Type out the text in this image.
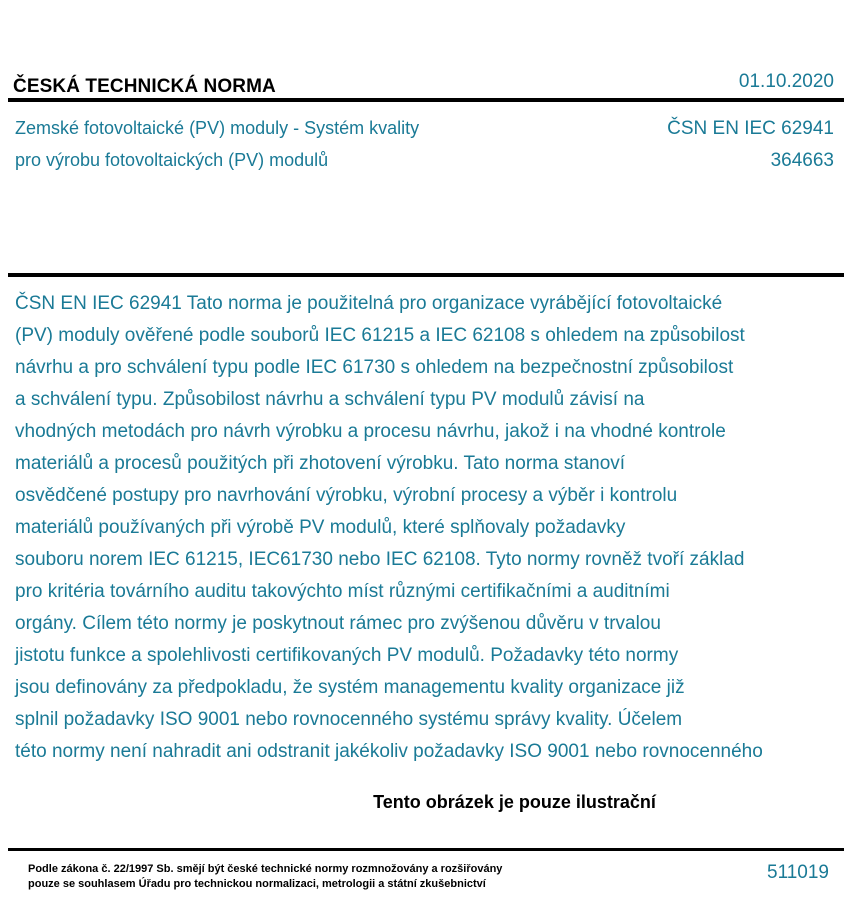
ČESKÁ TECHNICKÁ NORMA	01.10.2020
Zemské fotovoltaické (PV) moduly - Systém kvality
pro výrobu fotovoltaických (PV) modulů
ČSN EN IEC 62941
364663
ČSN EN IEC 62941 Tato norma je použitelná pro organizace vyrábějící fotovoltaické
(PV) moduly ověřené podle souborů IEC 61215 a IEC 62108 s ohledem na způsobilost
návrhu a pro schválení typu podle IEC 61730 s ohledem na bezpečnostní způsobilost
a schválení typu. Způsobilost návrhu a schválení typu PV modulů závisí na
vhodných metodách pro návrh výrobku a procesu návrhu, jakož i na vhodné kontrole
materiálů a procesů použitých při zhotovení výrobku. Tato norma stanoví
osvědčené postupy pro navrhování výrobku, výrobní procesy a výběr i kontrolu
materiálů používaných při výrobě PV modulů, které splňovaly požadavky
souboru norem IEC 61215, IEC61730 nebo IEC 62108. Tyto normy rovněž tvoří základ
pro kritéria továrního auditu takovýchto míst různými certifikačními a auditními
orgány. Cílem této normy je poskytnout rámec pro zvýšenou důvěru v trvalou
jistotu funkce a spolehlivosti certifikovaných PV modulů. Požadavky této normy
jsou definovány za předpokladu, že systém managementu kvality organizace již
splnil požadavky ISO 9001 nebo rovnocenného systému správy kvality. Účelem
této normy není nahradit ani odstranit jakékoliv požadavky ISO 9001 nebo rovnocenného
Tento obrázek je pouze ilustrační
Podle zákona č. 22/1997 Sb. smějí být české technické normy rozmnožovány a rozšiřovány
pouze se souhlasem Úřadu pro technickou normalizaci, metrologii a státní zkušebnictví
511019
